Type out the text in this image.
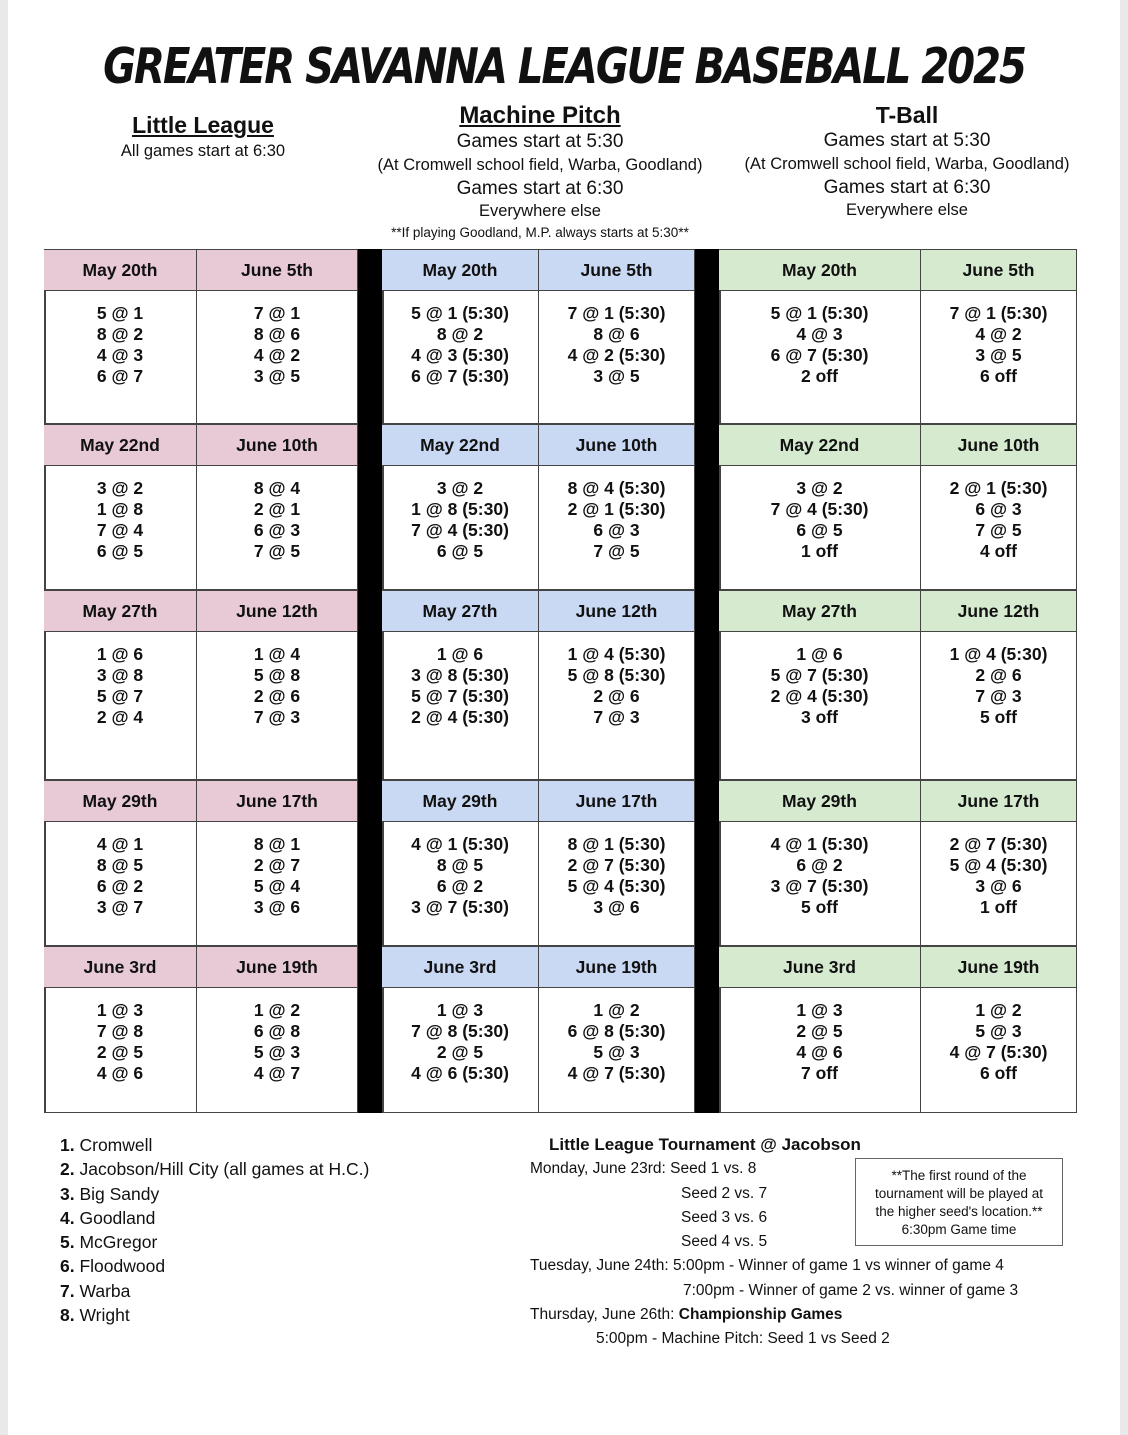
GREATER SAVANNA LEAGUE BASEBALL 2025
Little League
All games start at 6:30
Machine Pitch
Games start at 5:30
(At Cromwell school field, Warba, Goodland)
Games start at 6:30
Everywhere else
**If playing Goodland, M.P. always starts at 5:30**
T-Ball
Games start at 5:30
(At Cromwell school field, Warba, Goodland)
Games start at 6:30
Everywhere else
May 20th
5 @ 1
8 @ 2
4 @ 3
6 @ 7
May 22nd
3 @ 2
1 @ 8
7 @ 4
6 @ 5
May 27th
1 @ 6
3 @ 8
5 @ 7
2 @ 4
May 29th
4 @ 1
8 @ 5
6 @ 2
3 @ 7
June 3rd
1 @ 3
7 @ 8
2 @ 5
4 @ 6
June 5th
7 @ 1
8 @ 6
4 @ 2
3 @ 5
June 10th
8 @ 4
2 @ 1
6 @ 3
7 @ 5
June 12th
1 @ 4
5 @ 8
2 @ 6
7 @ 3
June 17th
8 @ 1
2 @ 7
5 @ 4
3 @ 6
June 19th
1 @ 2
6 @ 8
5 @ 3
4 @ 7
May 20th
5 @ 1 (5:30)
8 @ 2
4 @ 3 (5:30)
6 @ 7 (5:30)
May 22nd
3 @ 2
1 @ 8 (5:30)
7 @ 4 (5:30)
6 @ 5
May 27th
1 @ 6
3 @ 8 (5:30)
5 @ 7 (5:30)
2 @ 4 (5:30)
May 29th
4 @ 1 (5:30)
8 @ 5
6 @ 2
3 @ 7 (5:30)
June 3rd
1 @ 3
7 @ 8 (5:30)
2 @ 5
4 @ 6 (5:30)
June 5th
7 @ 1 (5:30)
8 @ 6
4 @ 2 (5:30)
3 @ 5
June 10th
8 @ 4 (5:30)
2 @ 1 (5:30)
6 @ 3
7 @ 5
June 12th
1 @ 4 (5:30)
5 @ 8 (5:30)
2 @ 6
7 @ 3
June 17th
8 @ 1 (5:30)
2 @ 7 (5:30)
5 @ 4 (5:30)
3 @ 6
June 19th
1 @ 2
6 @ 8 (5:30)
5 @ 3
4 @ 7 (5:30)
May 20th
5 @ 1 (5:30)
4 @ 3
6 @ 7 (5:30)
2 off
May 22nd
3 @ 2
7 @ 4 (5:30)
6 @ 5
1 off
May 27th
1 @ 6
5 @ 7 (5:30)
2 @ 4 (5:30)
3 off
May 29th
4 @ 1 (5:30)
6 @ 2
3 @ 7 (5:30)
5 off
June 3rd
1 @ 3
2 @ 5
4 @ 6
7 off
June 5th
7 @ 1 (5:30)
4 @ 2
3 @ 5
6 off
June 10th
2 @ 1 (5:30)
6 @ 3
7 @ 5
4 off
June 12th
1 @ 4 (5:30)
2 @ 6
7 @ 3
5 off
June 17th
2 @ 7 (5:30)
5 @ 4 (5:30)
3 @ 6
1 off
June 19th
1 @ 2
5 @ 3
4 @ 7 (5:30)
6 off
1. Cromwell
2. Jacobson/Hill City (all games at H.C.)
3. Big Sandy
4. Goodland
5. McGregor
6. Floodwood
7. Warba
8. Wright
Little League Tournament @ Jacobson
Monday, June 23rd: Seed 1 vs. 8
Seed 2 vs. 7
Seed 3 vs. 6
Seed 4 vs. 5
Tuesday, June 24th: 5:00pm - Winner of game 1 vs winner of game 4
7:00pm - Winner of game 2 vs. winner of game 3
Thursday, June 26th: Championship Games
5:00pm - Machine Pitch: Seed 1 vs Seed 2
**The first round of the
tournament will be played at
the higher seed's location.**
6:30pm Game time
